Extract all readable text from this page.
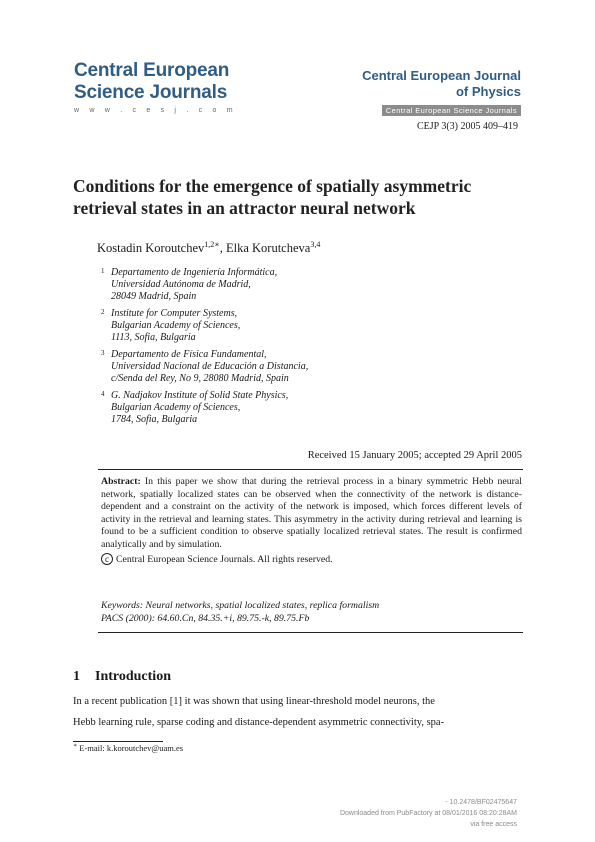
Central European
Science Journals
w w w . c e s j . c o m
Central European Journal
of Physics
Central European Science Journals
CEJP 3(3) 2005 409–419
Conditions for the emergence of spatially asymmetric retrieval states in an attractor neural network
Kostadin Koroutchev$^{1,2∗}$, Elka Korutcheva$^{3,4}$
1 Departamento de Ingeniería Informática,
Universidad Autónoma de Madrid,
28049 Madrid, Spain
2 Institute for Computer Systems,
Bulgarian Academy of Sciences,
1113, Sofia, Bulgaria
3 Departamento de Física Fundamental,
Universidad Nacional de Educación a Distancia,
c/Senda del Rey, No 9, 28080 Madrid, Spain
4 G. Nadjakov Institute of Solid State Physics,
Bulgarian Academy of Sciences,
1784, Sofia, Bulgaria
Received 15 January 2005; accepted 29 April 2005
Abstract: In this paper we show that during the retrieval process in a binary symmetric Hebb neural network, spatially localized states can be observed when the connectivity of the network is distance-dependent and a constraint on the activity of the network is imposed, which forces different levels of activity in the retrieval and learning states. This asymmetry in the activity during retrieval and learning is found to be a sufficient condition to observe spatially localized retrieval states. The result is confirmed analytically and by simulation.
c Central European Science Journals. All rights reserved.
Keywords: Neural networks, spatial localized states, replica formalism
PACS (2000): 64.60.Cn, 84.35.+i, 89.75.-k, 89.75.Fb
1 Introduction
In a recent publication [1] it was shown that using linear-threshold model neurons, the
Hebb learning rule, sparse coding and distance-dependent asymmetric connectivity, spa-
∗ E-mail: k.koroutchev@uam.es
- 10.2478/BF02475647
Downloaded from PubFactory at 08/01/2016 08:20:28AM
via free access
